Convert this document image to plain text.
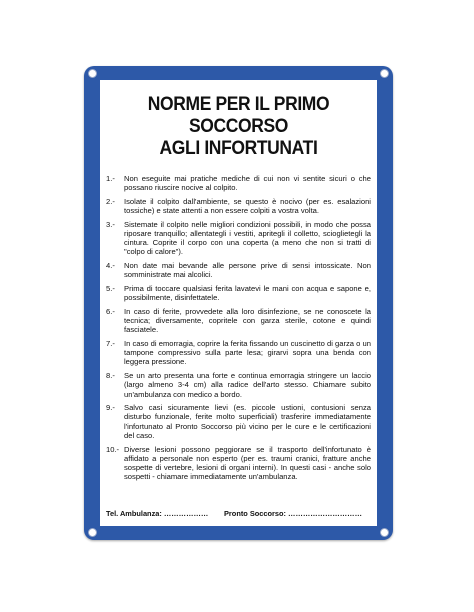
NORME PER IL PRIMO SOCCORSO
AGLI INFORTUNATI
1.-	Non eseguite mai pratiche mediche di cui non vi sentite sicuri o che possano riuscire nocive al colpito.
2.-	Isolate il colpito dall'ambiente, se questo è nocivo (per es. esalazioni tossiche) e state attenti a non essere colpiti a vostra volta.
3.-	Sistemate il colpito nelle migliori condizioni possibili, in modo che possa riposare tranquillo; allentategli i vestiti, apritegli il colletto, scioglietegli la cintura. Coprite il corpo con una coperta (a meno che non si tratti di "colpo di calore").
4.-	Non date mai bevande alle persone prive di sensi intossicate. Non somministrate mai alcolici.
5.-	Prima di toccare qualsiasi ferita lavatevi le mani con acqua e sapone e, possibilmente, disinfettatele.
6.-	In caso di ferite, provvedete alla loro disinfezione, se ne conoscete la tecnica; diversamente, copritele con garza sterile, cotone e quindi fasciatele.
7.-	In caso di emorragia, coprire la ferita fissando un cuscinetto di garza o un tampone compressivo sulla parte lesa; girarvi sopra una benda con leggera pressione.
8.-	Se un arto presenta una forte e continua emorragia stringere un laccio (largo almeno 3-4 cm) alla radice dell'arto stesso. Chiamare subito un'ambulanza con medico a bordo.
9.-	Salvo casi sicuramente lievi (es. piccole ustioni, contusioni senza disturbo funzionale, ferite molto superficiali) trasferire immediatamente l'infortunato al Pronto Soccorso più vicino per le cure e le certificazioni del caso.
10.- Diverse lesioni possono peggiorare se il trasporto dell'infortunato è affidato a personale non esperto (per es. traumi cranici, fratture anche sospette di vertebre, lesioni di organi interni). In questi casi - anche solo sospetti - chiamare immediatamente un'ambulanza.
Tel. Ambulanza: ………………	Pronto Soccorso: …………………………
